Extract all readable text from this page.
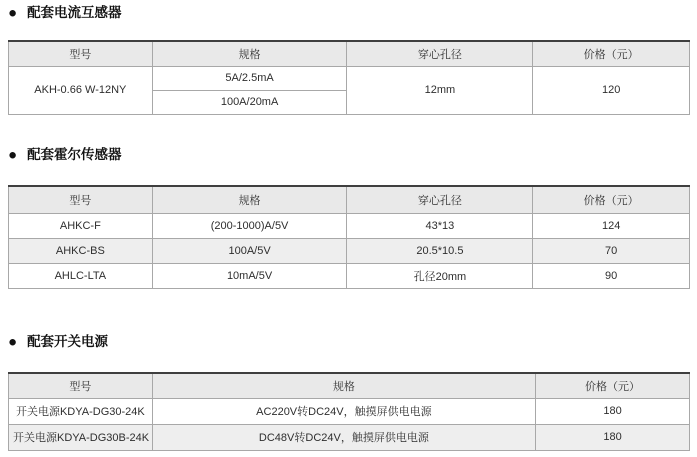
● 配套电流互感器
型号	规格	穿心孔径	价格（元）
AKH-0.66 W-12NY	5A/2.5mA	12mm	120
	100A/20mA		
● 配套霍尔传感器
型号	规格	穿心孔径	价格（元）
AHKC-F	(200-1000)A/5V	43*13	124
AHKC-BS	100A/5V	20.5*10.5	70
AHLC-LTA	10mA/5V	孔径20mm	90
● 配套开关电源
型号	规格	价格（元）
开关电源KDYA-DG30-24K	AC220V转DC24V，触摸屏供电电源	180
开关电源KDYA-DG30B-24K	DC48V转DC24V，触摸屏供电电源	180
